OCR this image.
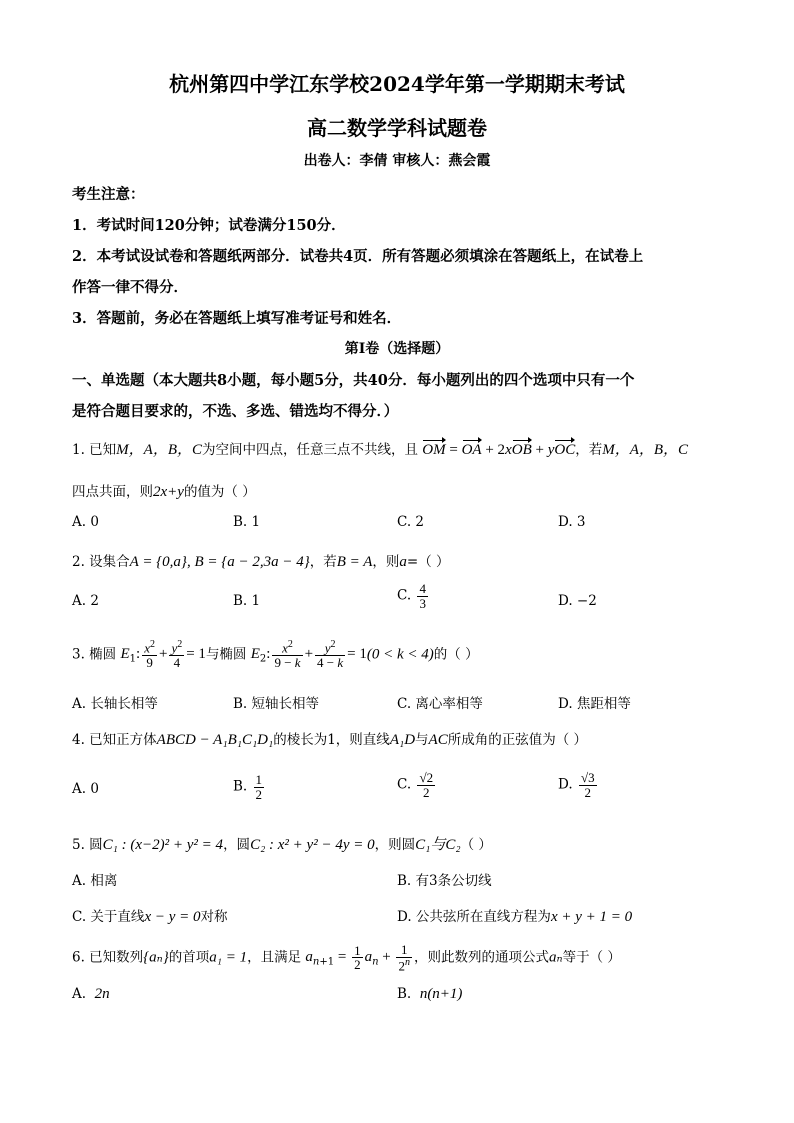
杭州第四中学江东学校2024学年第一学期期末考试
高二数学学科试题卷
出卷人：李倩 审核人：燕会霞
考生注意：
1．考试时间120分钟；试卷满分150分．
2．本考试设试卷和答题纸两部分．试卷共4页．所有答题必须填涂在答题纸上，在试卷上
作答一律不得分．
3．答题前，务必在答题纸上填写准考证号和姓名．
第Ⅰ卷（选择题）
一、单选题（本大题共8小题，每小题5分，共40分．每小题列出的四个选项中只有一个
是符合题目要求的，不选、多选、错选均不得分．）
1. 已知M，A，B，C为空间中四点，任意三点不共线，且 OM = OA + 2xOB + yOC，若M，A，B，C
四点共面，则2x+y的值为（ ）
A. 0	B. 1	C. 2	D. 3
2. 设集合A = {0,a}, B = {a − 2,3a − 4}，若B = A，则a=（ ）
A. 2	B. 1	C. $\frac{4}{3}$	D. −2
3. 椭圆 $E_1$: $\frac{x^2}{9} + \frac{y^2}{4} = 1$与椭圆 $E_2$: $\frac{x^2}{9 - k} + \frac{y^2}{4 - k} = 1(0 < k < 4)$的（ ）
A. 长轴长相等	B. 短轴长相等	C. 离心率相等	D. 焦距相等
4. 已知正方体ABCD − A₁B₁C₁D₁的棱长为1，则直线A₁D与AC所成角的正弦值为（ ）
A. 0	B. $\frac{1}{2}$	C. $\frac{√2}{2}$	D. $\frac{√3}{2}$
5. 圆C₁ : (x−2)² + y² = 4，圆C₂ : x² + y² − 4y = 0，则圆C₁与C₂（ ）
A. 相离	B. 有3条公切线
C. 关于直线x − y = 0对称	D. 公共弦所在直线方程为x + y + 1 = 0
6. 已知数列{aₙ}的首项a₁ = 1，且满足 $a_{n+1} = \frac{1}{2} a_n + \frac{1}{2^n}$ ，则此数列的通项公式aₙ等于（ ）
A. 2n	B. n(n+1)
